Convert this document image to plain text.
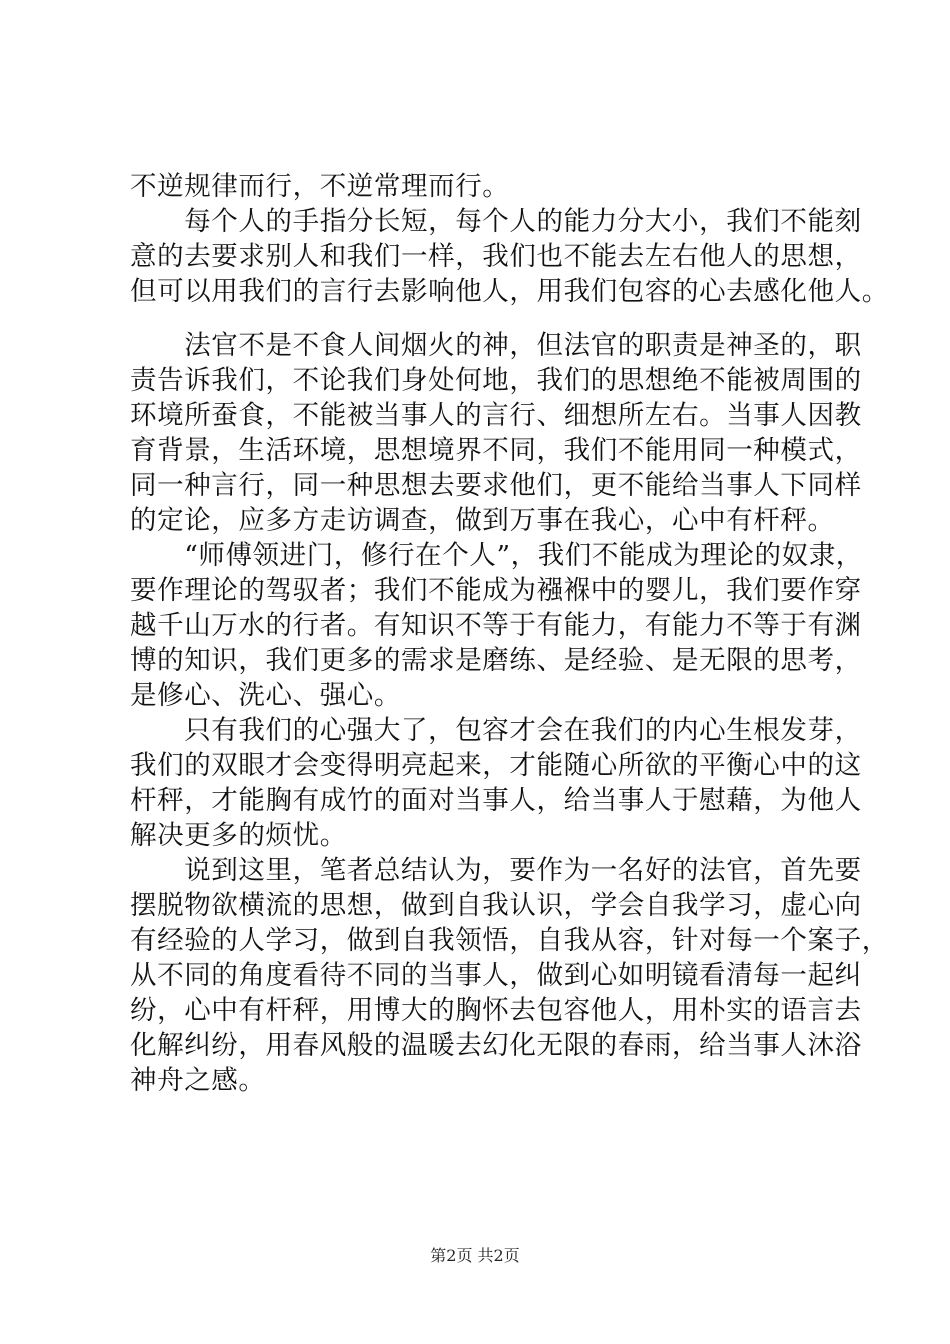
不逆规律而行，不逆常理而行。
　　每个人的手指分长短，每个人的能力分大小，我们不能刻
意的去要求别人和我们一样，我们也不能去左右他人的思想，
但可以用我们的言行去影响他人，用我们包容的心去感化他人。
　　法官不是不食人间烟火的神，但法官的职责是神圣的，职
责告诉我们，不论我们身处何地，我们的思想绝不能被周围的
环境所蚕食，不能被当事人的言行、细想所左右。当事人因教
育背景，生活环境，思想境界不同，我们不能用同一种模式，
同一种言行，同一种思想去要求他们，更不能给当事人下同样
的定论，应多方走访调查，做到万事在我心，心中有杆秤。
　　“师傅领进门，修行在个人”，我们不能成为理论的奴隶，
要作理论的驾驭者；我们不能成为襁褓中的婴儿，我们要作穿
越千山万水的行者。有知识不等于有能力，有能力不等于有渊
博的知识，我们更多的需求是磨练、是经验、是无限的思考，
是修心、洗心、强心。
　　只有我们的心强大了，包容才会在我们的内心生根发芽，
我们的双眼才会变得明亮起来，才能随心所欲的平衡心中的这
杆秤，才能胸有成竹的面对当事人，给当事人于慰藉，为他人
解决更多的烦忧。
　　说到这里，笔者总结认为，要作为一名好的法官，首先要
摆脱物欲横流的思想，做到自我认识，学会自我学习，虚心向
有经验的人学习，做到自我领悟，自我从容，针对每一个案子，
从不同的角度看待不同的当事人，做到心如明镜看清每一起纠
纷，心中有杆秤，用博大的胸怀去包容他人，用朴实的语言去
化解纠纷，用春风般的温暖去幻化无限的春雨，给当事人沐浴
神舟之感。
第2页 共2页
